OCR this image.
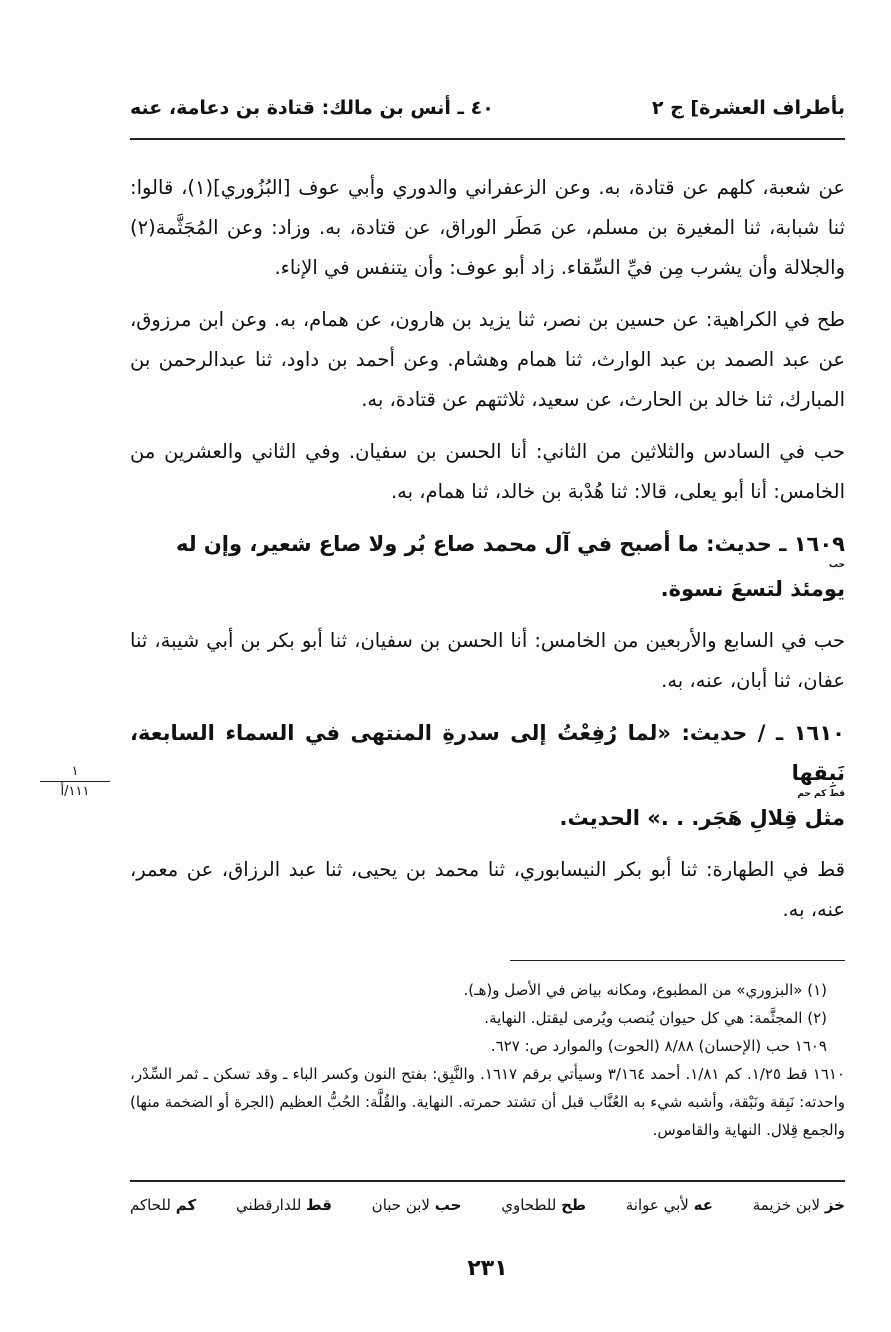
بأطراف العشرة] ج ٢
٤٠ ـ أنس بن مالك: قتادة بن دعامة، عنه

عن شعبة، كلهم عن قتادة، به. وعن الزعفراني والدوري وأبي عوف [البُزُوري](١)، قالوا: ثنا شبابة، ثنا المغيرة بن مسلم، عن مَطَر الوراق، عن قتادة، به. وزاد: وعن المُجَثَّمة(٢) والجلالة وأن يشرب مِن فيِّ السِّقاء. زاد أبو عوف: وأن يتنفس في الإناء.

طح في الكراهية: عن حسين بن نصر، ثنا يزيد بن هارون، عن همام، به. وعن ابن مرزوق، عن عبد الصمد بن عبد الوارث، ثنا همام وهشام. وعن أحمد بن داود، ثنا عبدالرحمن بن المبارك، ثنا خالد بن الحارث، عن سعيد، ثلاثتهم عن قتادة، به.

حب في السادس والثلاثين من الثاني: أنا الحسن بن سفيان. وفي الثاني والعشرين من الخامس: أنا أبو يعلى، قالا: ثنا هُدْبة بن خالد، ثنا همام، به.

١٦٠٩ ـ حديث: ما أصبح في آل محمد صاع بُر ولا صاع شعير، وإن له

حب

يومئذ لتسعَ نسوة.

حب في السابع والأربعين من الخامس: أنا الحسن بن سفيان، ثنا أبو بكر بن أبي شيبة، ثنا عفان، ثنا أبان، عنه، به.

١٦١٠ ـ / حديث: «لما رُفِعْتُ إلى سدرةِ المنتهى في السماء السابعة، نَبِقها

قط كم حم

مثل قِلالِ هَجَر. . .» الحديث.

قط في الطهارة: ثنا أبو بكر النيسابوري، ثنا محمد بن يحيى، ثنا عبد الرزاق، عن معمر، عنه، به.

(١) «البزوري» من المطبوع، ومكانه بياض في الأصل و(هـ).

(٢) المجثَّمة: هي كل حيوان يُنصب ويُرمى ليقتل. النهاية.

١٦٠٩ حب (الإحسان) ٨/٨٨ (الحوت) والموارد ص: ٦٢٧.

١٦١٠ قط ١/٢٥. كم ١/٨١. أحمد ٣/١٦٤ وسيأتي برقم ١٦١٧. والنَّبِق: بفتح النون وكسر الباء ـ وقد تسكن ـ ثمر السِّدْر، واحدته: نَبِقة ونَبْقة، وأشبه شيء به العُنَّاب قبل أن تشتد حمرته. النهاية. والقُلَّة: الحُبُّ العظيم (الجرة أو الضخمة منها) والجمع قِلال. النهاية والقاموس.

خز لابن خزيمة
عه لأبي عوانة
طح للطحاوي
حب لابن حبان
قط للدارقطني
كم للحاكم
٢٣١
١
١١١/أ
